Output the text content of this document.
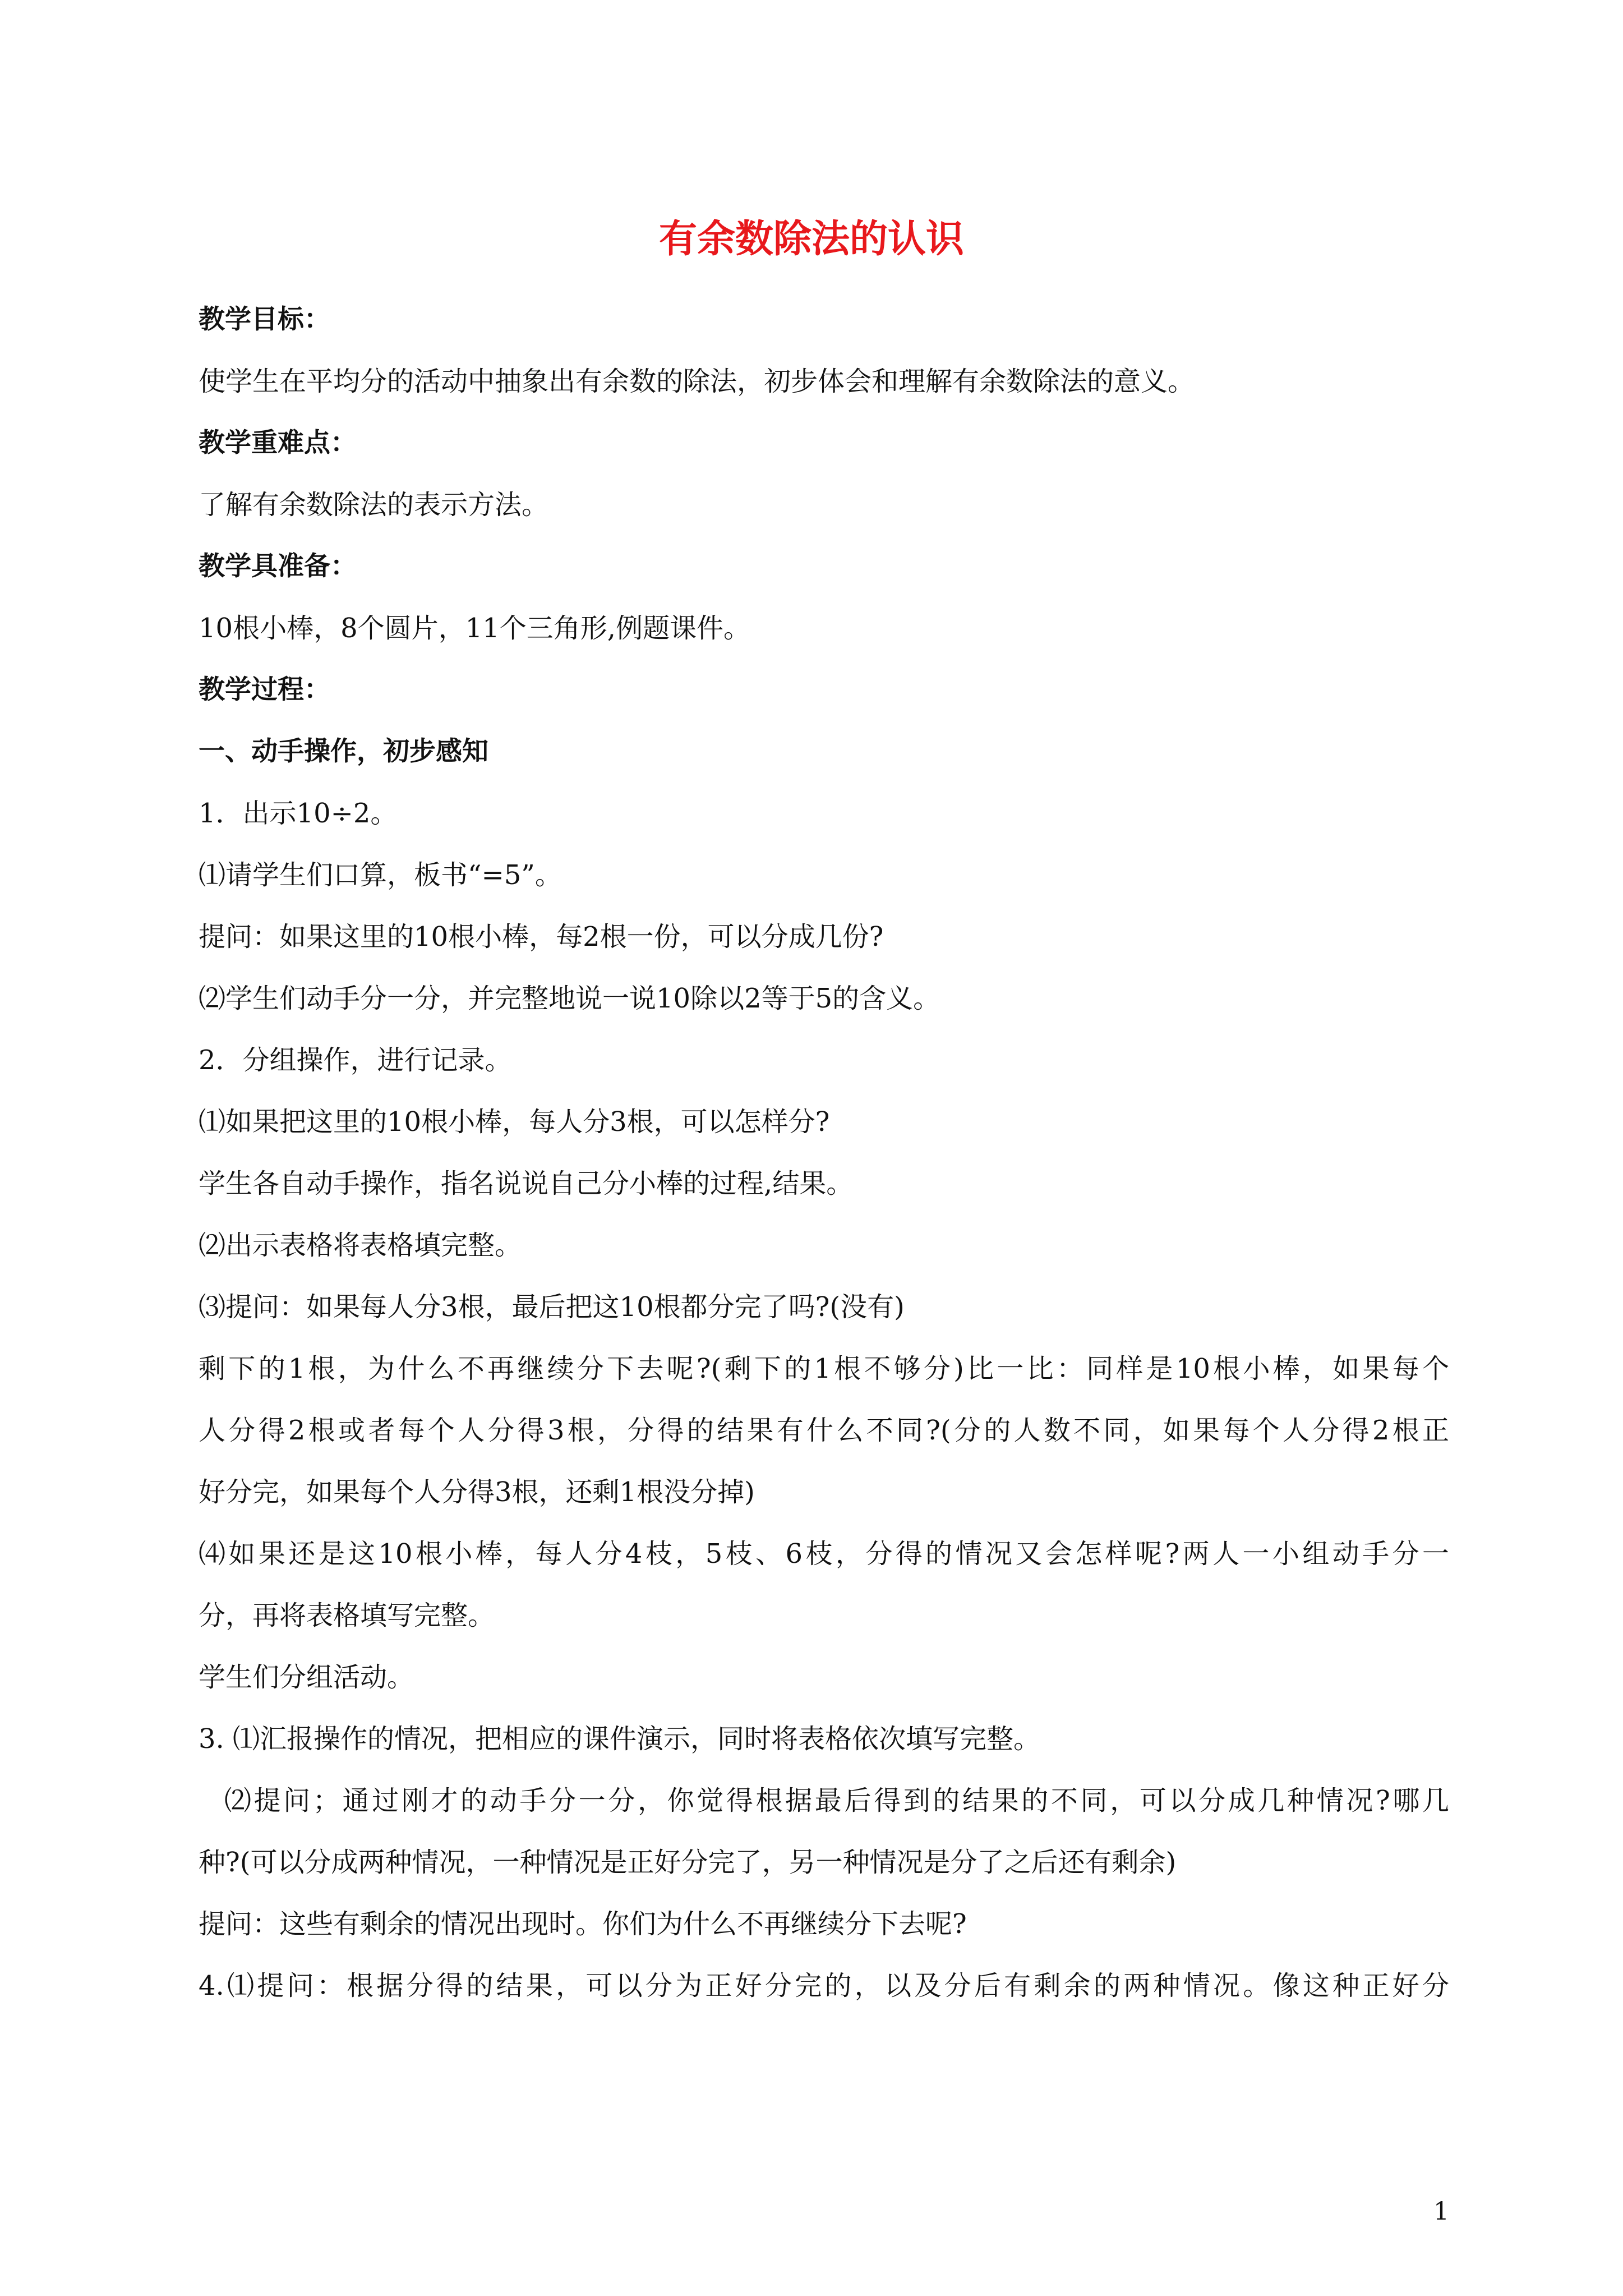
有余数除法的认识

教学目标：

使学生在平均分的活动中抽象出有余数的除法，初步体会和理解有余数除法的意义。

教学重难点：

了解有余数除法的表示方法。

教学具准备：

10根小棒，8个圆片，11个三角形,例题课件。

教学过程：

一、动手操作，初步感知

1．出示10÷2。

⑴请学生们口算，板书“=5”。

提问：如果这里的10根小棒，每2根一份，可以分成几份?

⑵学生们动手分一分，并完整地说一说10除以2等于5的含义。

2．分组操作，进行记录。

⑴如果把这里的10根小棒，每人分3根，可以怎样分?

学生各自动手操作，指名说说自己分小棒的过程,结果。

⑵出示表格将表格填完整。

⑶提问：如果每人分3根，最后把这10根都分完了吗?(没有)

剩下的1根，为什么不再继续分下去呢?(剩下的1根不够分)比一比：同样是10根小棒，如果每个

人分得2根或者每个人分得3根，分得的结果有什么不同?(分的人数不同，如果每个人分得2根正

好分完，如果每个人分得3根，还剩1根没分掉)

⑷如果还是这10根小棒，每人分4枝，5枝、6枝，分得的情况又会怎样呢?两人一小组动手分一

分，再将表格填写完整。

学生们分组活动。

3. ⑴汇报操作的情况，把相应的课件演示，同时将表格依次填写完整。

⑵提问；通过刚才的动手分一分，你觉得根据最后得到的结果的不同，可以分成几种情况?哪几

种?(可以分成两种情况，一种情况是正好分完了，另一种情况是分了之后还有剩余)

提问：这些有剩余的情况出现时。你们为什么不再继续分下去呢?

4.⑴提问：根据分得的结果，可以分为正好分完的，以及分后有剩余的两种情况。像这种正好分

1
